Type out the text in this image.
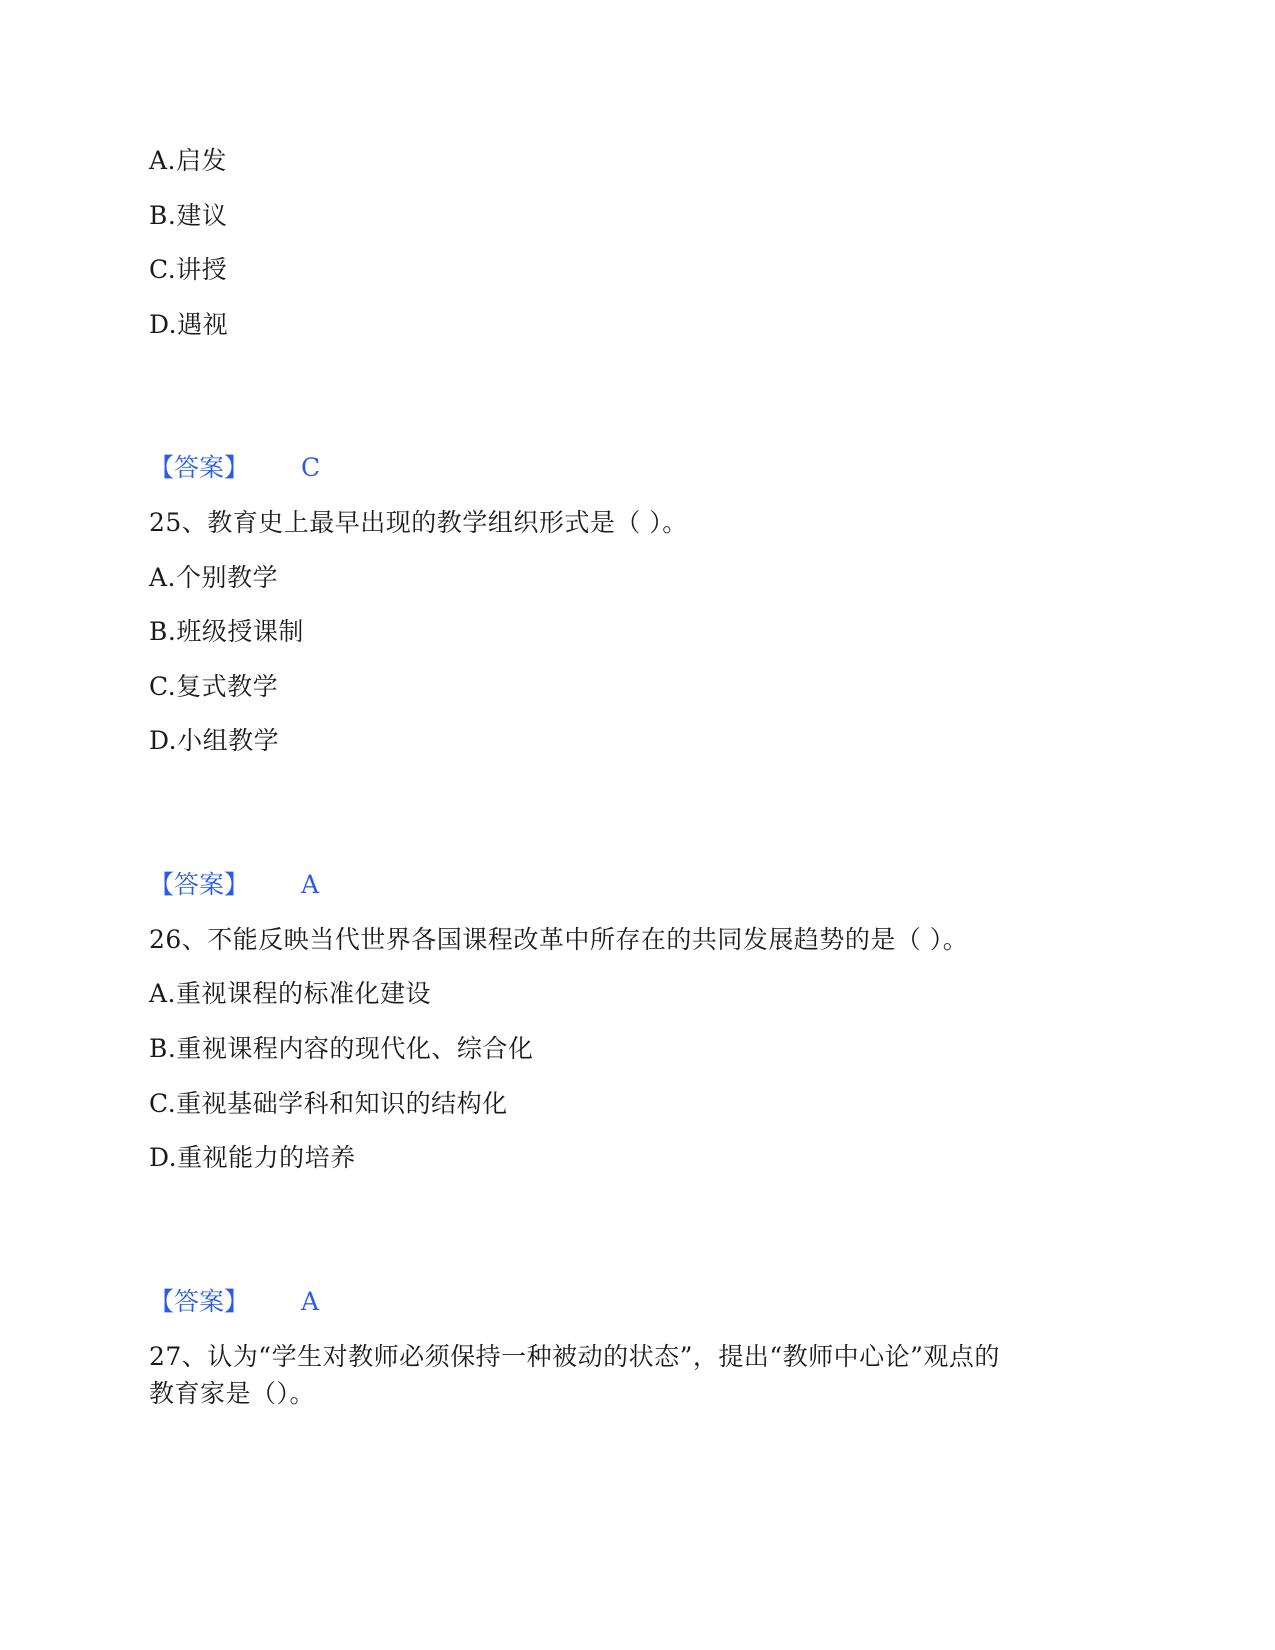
A.启发
B.建议
C.讲授
D.遇视
【答案】 C
25、教育史上最早出现的教学组织形式是（ ）。
A.个别教学
B.班级授课制
C.复式教学
D.小组教学
【答案】 A
26、不能反映当代世界各国课程改革中所存在的共同发展趋势的是（ ）。
A.重视课程的标准化建设
B.重视课程内容的现代化、综合化
C.重视基础学科和知识的结构化
D.重视能力的培养
【答案】 A
27、认为“学生对教师必须保持一种被动的状态”，提出“教师中心论”观点的
教育家是（）。
